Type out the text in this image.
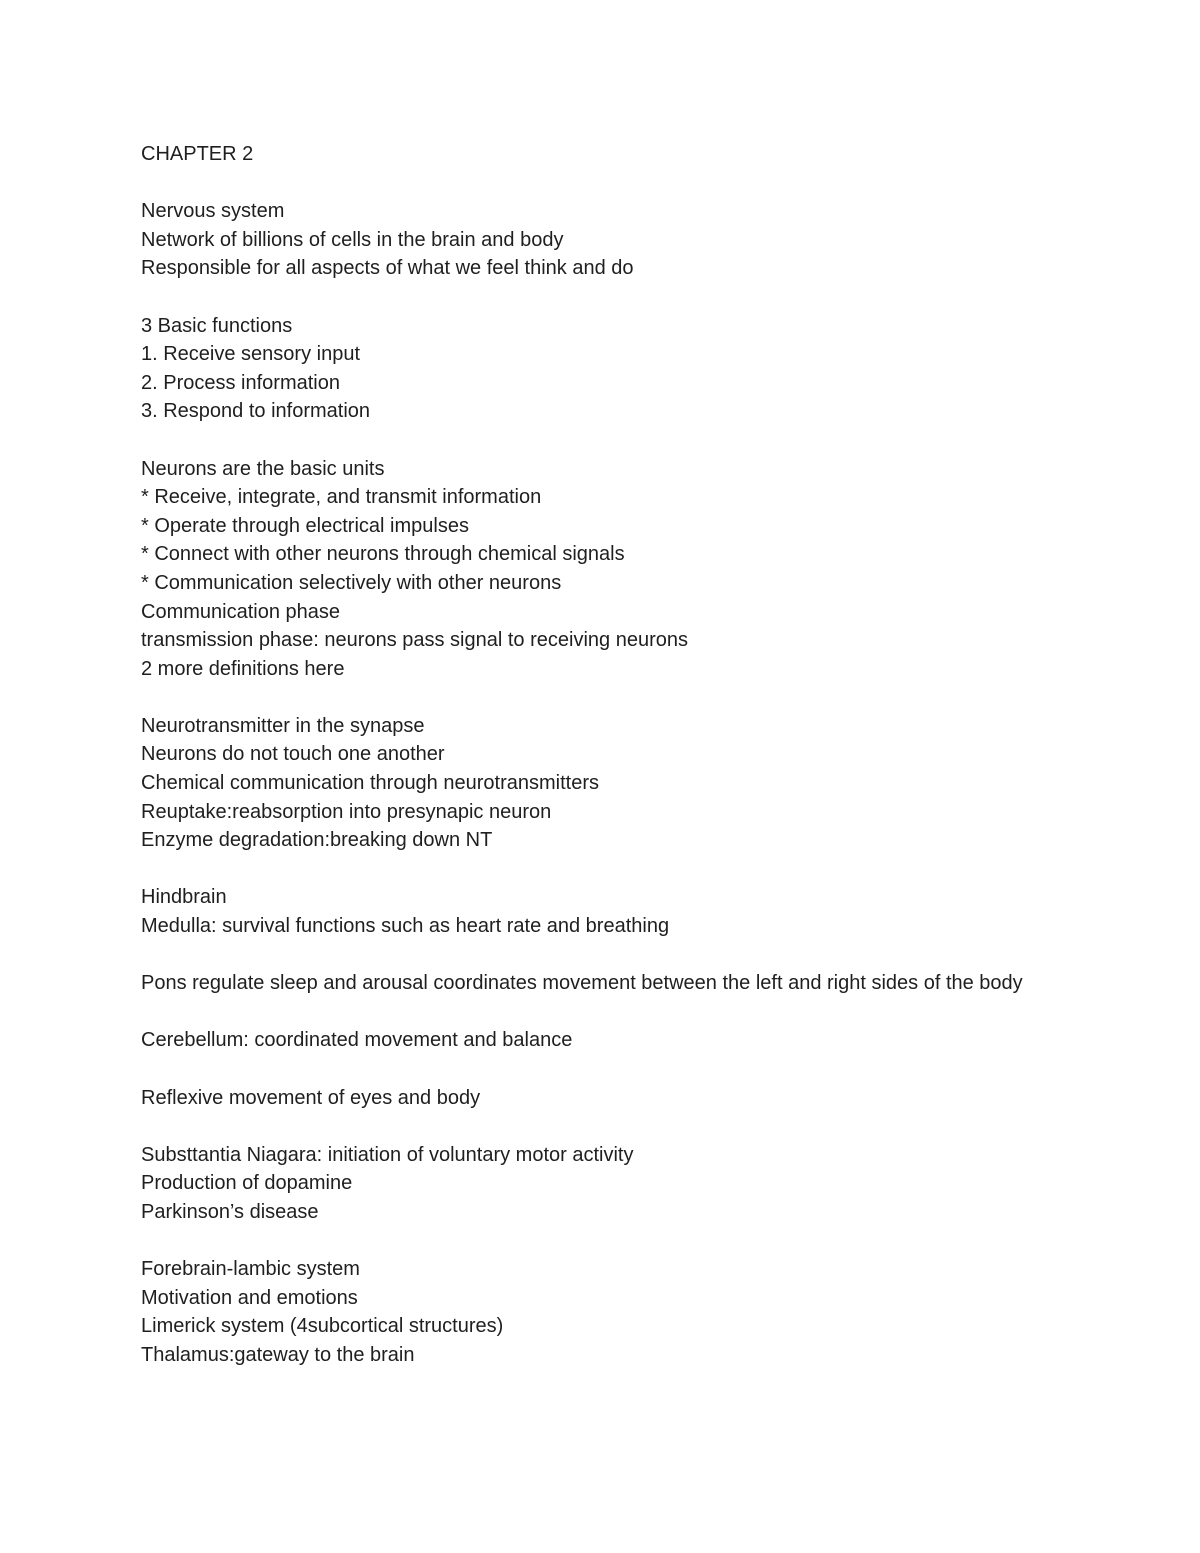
CHAPTER 2
Nervous system
Network of billions of cells in the brain and body
Responsible for all aspects of what we feel think and do
3 Basic functions
1. Receive sensory input
2. Process information
3. Respond to information
Neurons are the basic units
* Receive, integrate, and transmit information
* Operate through electrical impulses
* Connect with other neurons through chemical signals
* Communication selectively with other neurons
Communication phase
transmission phase: neurons pass signal to receiving neurons
2 more definitions here
Neurotransmitter in the synapse
Neurons do not touch one another
Chemical communication through neurotransmitters
Reuptake:reabsorption into presynapic neuron
Enzyme degradation:breaking down NT
Hindbrain
Medulla: survival functions such as heart rate and breathing
Pons regulate sleep and arousal coordinates movement between the left and right sides of the body
Cerebellum: coordinated movement and balance
Reflexive movement of eyes and body
Substtantia Niagara: initiation of voluntary motor activity
Production of dopamine
Parkinson’s disease
Forebrain-lambic system
Motivation and emotions
Limerick system (4subcortical structures)
Thalamus:gateway to the brain
